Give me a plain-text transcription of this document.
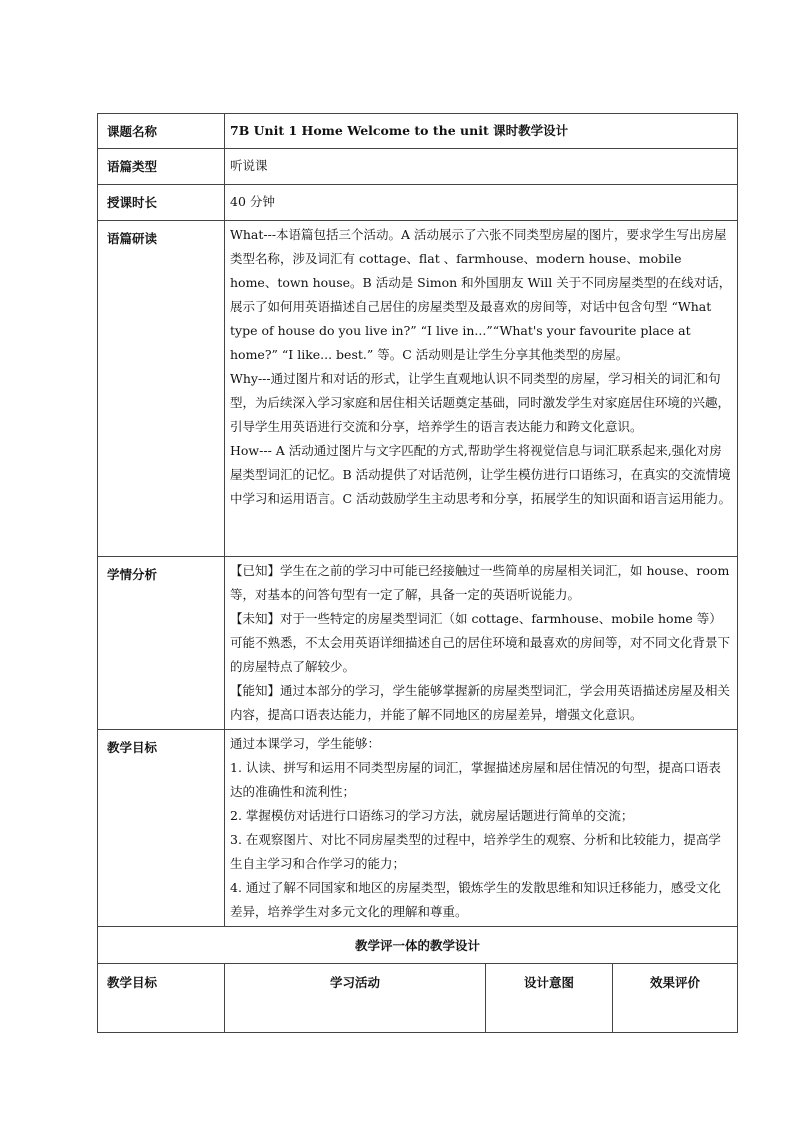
课题名称	7B Unit 1 Home Welcome to the unit 课时教学设计		
语篇类型	听说课		
授课时长	40 分钟		
语篇研读	What---本语篇包括三个活动。A 活动展示了六张不同类型房屋的图片，要求学生写出房屋类型名称，涉及词汇有 cottage、flat 、farmhouse、modern house、mobile home、town house。B 活动是 Simon 和外国朋友 Will 关于不同房屋类型的在线对话，展示了如何用英语描述自己居住的房屋类型及最喜欢的房间等，对话中包含句型 “What type of house do you live in?” “I live in...”“What's your favourite place at home?” “I like... best.” 等。C 活动则是让学生分享其他类型的房屋。

Why---通过图片和对话的形式，让学生直观地认识不同类型的房屋，学习相关的词汇和句型，为后续深入学习家庭和居住相关话题奠定基础，同时激发学生对家庭居住环境的兴趣，引导学生用英语进行交流和分享，培养学生的语言表达能力和跨文化意识。

How--- A 活动通过图片与文字匹配的方式,帮助学生将视觉信息与词汇联系起来,强化对房屋类型词汇的记忆。B 活动提供了对话范例，让学生模仿进行口语练习，在真实的交流情境中学习和运用语言。C 活动鼓励学生主动思考和分享，拓展学生的知识面和语言运用能力。		

学情分析	【已知】学生在之前的学习中可能已经接触过一些简单的房屋相关词汇，如 house、room 等，对基本的问答句型有一定了解，具备一定的英语听说能力。

【未知】对于一些特定的房屋类型词汇（如 cottage、farmhouse、mobile home 等）可能不熟悉，不太会用英语详细描述自己的居住环境和最喜欢的房间等，对不同文化背景下的房屋特点了解较少。

【能知】通过本部分的学习，学生能够掌握新的房屋类型词汇，学会用英语描述房屋及相关内容，提高口语表达能力，并能了解不同地区的房屋差异，增强文化意识。		

教学目标	通过本课学习，学生能够：

1. 认读、拼写和运用不同类型房屋的词汇，掌握描述房屋和居住情况的句型，提高口语表达的准确性和流利性；

2. 掌握模仿对话进行口语练习的学习方法，就房屋话题进行简单的交流；

3. 在观察图片、对比不同房屋类型的过程中，培养学生的观察、分析和比较能力，提高学生自主学习和合作学习的能力；

4. 通过了解不同国家和地区的房屋类型，锻炼学生的发散思维和知识迁移能力，感受文化差异，培养学生对多元文化的理解和尊重。		

教学评一体的教学设计			
教学目标	学习活动	设计意图	效果评价
